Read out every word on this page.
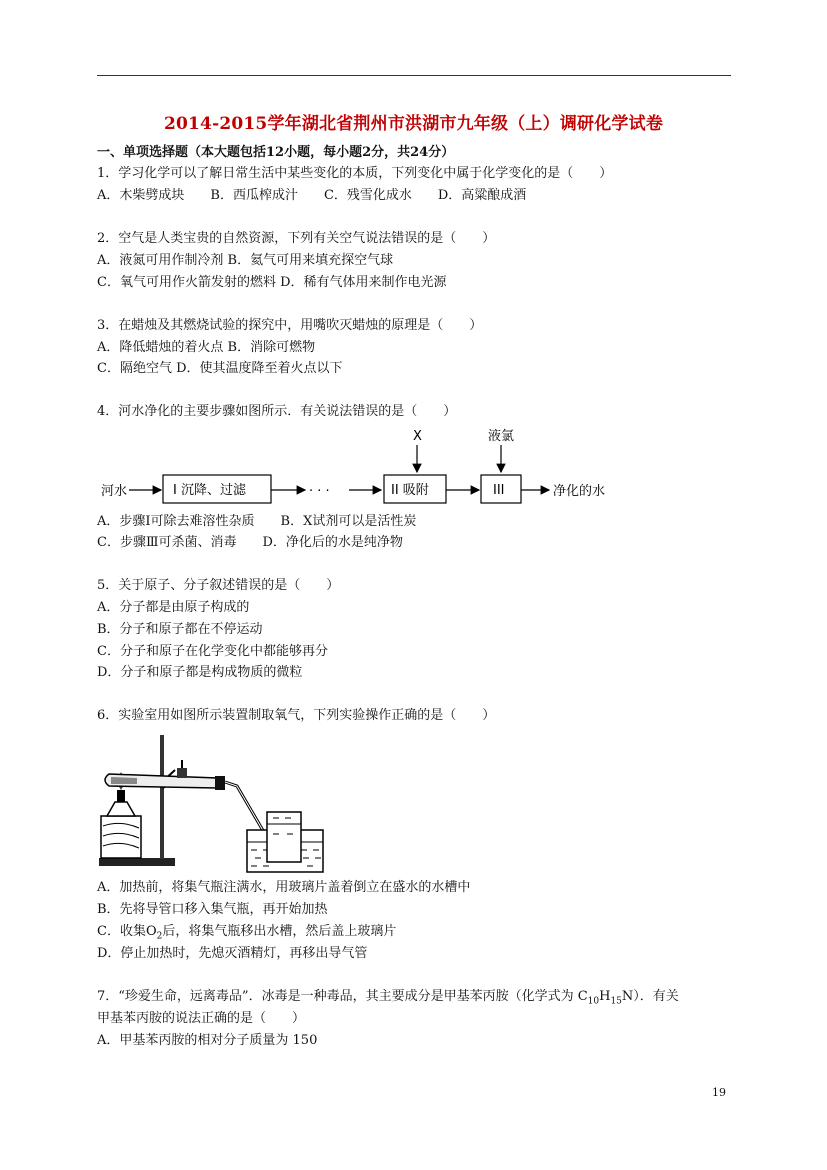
2014-2015学年湖北省荆州市洪湖市九年级（上）调研化学试卷
一、单项选择题（本大题包括12小题，每小题2分，共24分）
1．学习化学可以了解日常生活中某些变化的本质，下列变化中属于化学变化的是（　　）
A．木柴劈成块　　B．西瓜榨成汁　　C．残雪化成水　　D．高粱酿成酒
2．空气是人类宝贵的自然资源，下列有关空气说法错误的是（　　）
A．液氮可用作制冷剂 B．氦气可用来填充探空气球
C．氧气可用作火箭发射的燃料 D．稀有气体用来制作电光源
3．在蜡烛及其燃烧试验的探究中，用嘴吹灭蜡烛的原理是（　　）
A．降低蜡烛的着火点 B．消除可燃物
C．隔绝空气 D．使其温度降至着火点以下
4．河水净化的主要步骤如图所示．有关说法错误的是（　　）
河水	I 沉降、过滤	· · ·	II 吸附	III	净化的水
X	液氯
A．步骤Ⅰ可除去难溶性杂质　　B．X试剂可以是活性炭
C．步骤Ⅲ可杀菌、消毒　　D．净化后的水是纯净物
5．关于原子、分子叙述错误的是（　　）
A．分子都是由原子构成的
B．分子和原子都在不停运动
C．分子和原子在化学变化中都能够再分
D．分子和原子都是构成物质的微粒
6．实验室用如图所示装置制取氧气，下列实验操作正确的是（　　）
A．加热前，将集气瓶注满水，用玻璃片盖着倒立在盛水的水槽中
B．先将导管口移入集气瓶，再开始加热
C．收集$O_2$后，将集气瓶移出水槽，然后盖上玻璃片
D．停止加热时，先熄灭酒精灯，再移出导气管
7．“珍爱生命，远离毒品”．冰毒是一种毒品，其主要成分是甲基苯丙胺（化学式为 $C_{10}H_{15}N$）．有关
甲基苯丙胺的说法正确的是（　　）
A．甲基苯丙胺的相对分子质量为 150
19
